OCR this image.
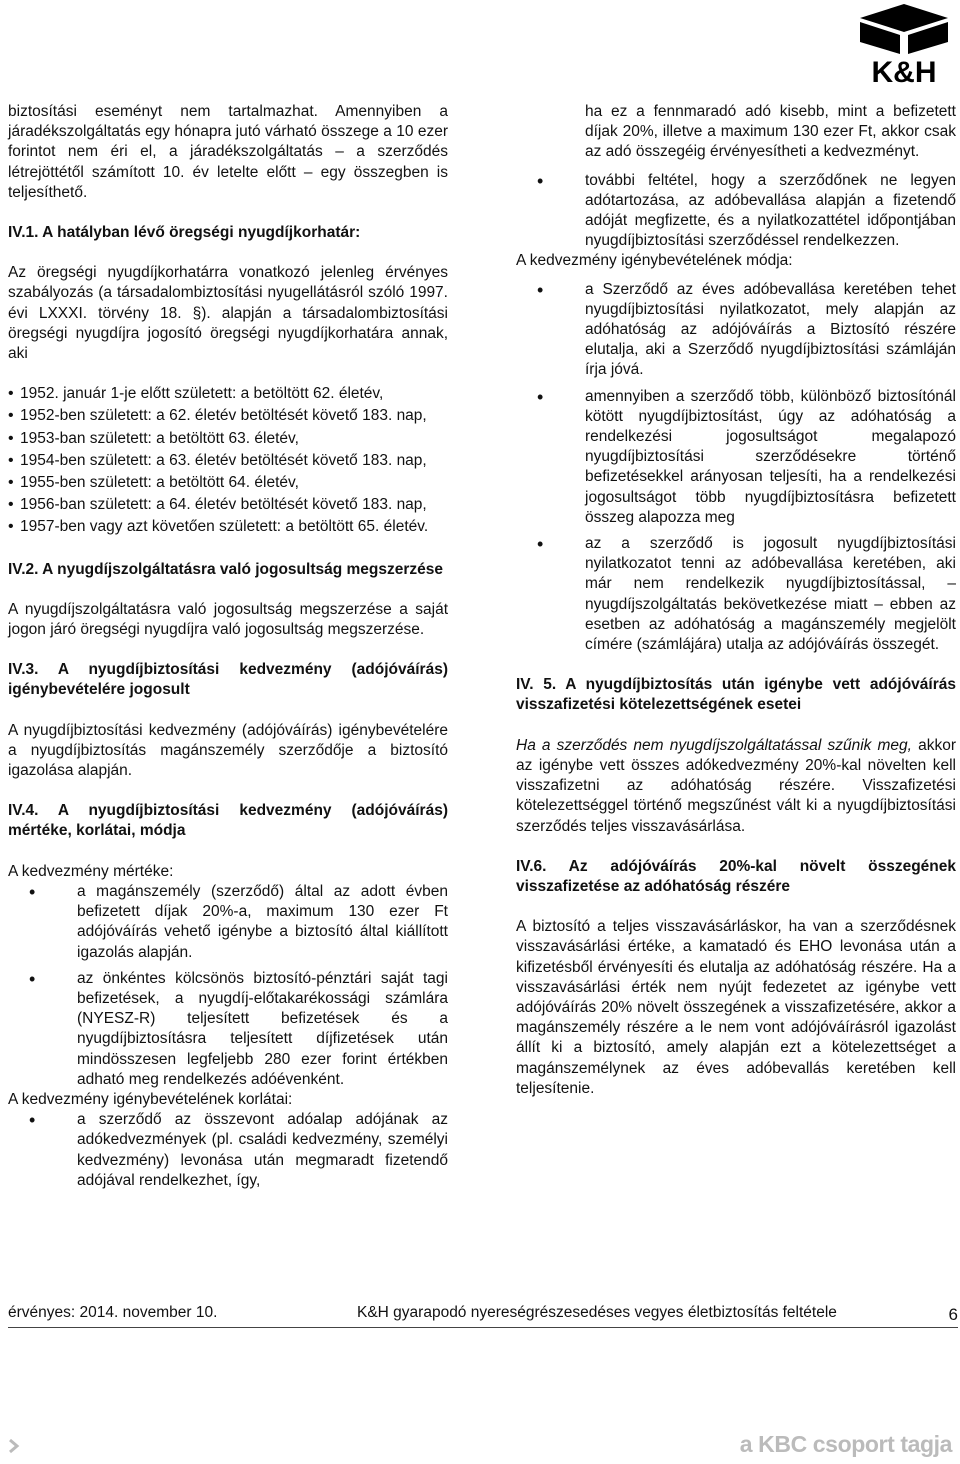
K&H

biztosítási eseményt nem tartalmazhat. Amennyiben a járadékszolgáltatás egy hónapra jutó várható összege a 10 ezer forintot nem éri el, a járadékszolgáltatás – a szerződés létrejöttétől számított 10. év letelte előtt – egy összegben is teljesíthető.

IV.1. A hatályban lévő öregségi nyugdíjkorhatár:

Az öregségi nyugdíjkorhatárra vonatkozó jelenleg érvényes szabályozás (a társadalombiztosítási nyugellátásról szóló 1997. évi LXXXI. törvény 18. §). alapján a társadalombiztosítási öregségi nyugdíjra jogosító öregségi nyugdíjkorhatára annak, aki

• 1952. január 1-je előtt született: a betöltött 62. életév,
• 1952-ben született: a 62. életév betöltését követő 183. nap,
• 1953-ban született: a betöltött 63. életév,
• 1954-ben született: a 63. életév betöltését követő 183. nap,
• 1955-ben született: a betöltött 64. életév,
• 1956-ban született: a 64. életév betöltését követő 183. nap,
• 1957-ben vagy azt követően született: a betöltött 65. életév.
IV.2. A nyugdíjszolgáltatásra való jogosultság megszerzése

A nyugdíjszolgáltatásra való jogosultság megszerzése a saját jogon járó öregségi nyugdíjra való jogosultság megszerzése.

IV.3. A nyugdíjbiztosítási kedvezmény (adójóváírás) igénybevételére jogosult

A nyugdíjbiztosítási kedvezmény (adójóváírás) igénybevételére a nyugdíjbiztosítás magánszemély szerződője a biztosító igazolása alapján.

IV.4. A nyugdíjbiztosítási kedvezmény (adójóváírás) mértéke, korlátai, módja

A kedvezmény mértéke:

• a magánszemély (szerződő) által az adott évben befizetett díjak 20%-a, maximum 130 ezer Ft adójóváírás vehető igénybe a biztosító által kiállított igazolás alapján.
• az önkéntes kölcsönös biztosító-pénztári saját tagi befizetések, a nyugdíj-előtakarékossági számlára (NYESZ-R) teljesített befizetések és a nyugdíjbiztosításra teljesített díjfizetések után mindösszesen legfeljebb 280 ezer forint értékben adható meg rendelkezés adóévenként.

A kedvezmény igénybevételének korlátai:

• a szerződő az összevont adóalap adójának az adókedvezmények (pl. családi kedvezmény, személyi kedvezmény) levonása után megmaradt fizetendő adójával rendelkezhet, így,

ha ez a fennmaradó adó kisebb, mint a befizetett díjak 20%, illetve a maximum 130 ezer Ft, akkor csak az adó összegéig érvényesítheti a kedvezményt.

• további feltétel, hogy a szerződőnek ne legyen adótartozása, az adóbevallása alapján a fizetendő adóját megfizette, és a nyilatkozattétel időpontjában nyugdíjbiztosítási szerződéssel rendelkezzen.

A kedvezmény igénybevételének módja:

• a Szerződő az éves adóbevallása keretében tehet nyugdíjbiztosítási nyilatkozatot, mely alapján az adóhatóság az adójóváírás a Biztosító részére elutalja, aki a Szerződő nyugdíjbiztosítási számláján írja jóvá.
• amennyiben a szerződő több, különböző biztosítónál kötött nyugdíjbiztosítást, úgy az adóhatóság a rendelkezési jogosultságot megalapozó nyugdíjbiztosítási szerződésekre történő befizetésekkel arányosan teljesíti, ha a rendelkezési jogosultságot több nyugdíjbiztosításra befizetett összeg alapozza meg
• az a szerződő is jogosult nyugdíjbiztosítási nyilatkozatot tenni az adóbevallása keretében, aki már nem rendelkezik nyugdíjbiztosítással, – nyugdíjszolgáltatás bekövetkezése miatt – ebben az esetben az adóhatóság a magánszemély megjelölt címére (számlájára) utalja az adójóváírás összegét.
IV. 5. A nyugdíjbiztosítás után igénybe vett adójóváírás visszafizetési kötelezettségének esetei

Ha a szerződés nem nyugdíjszolgáltatással szűnik meg, akkor az igénybe vett összes adókedvezmény 20%-kal növelten kell visszafizetni az adóhatóság részére. Visszafizetési kötelezettséggel történő megszűnést vált ki a nyugdíjbiztosítási szerződés teljes visszavásárlása.

IV.6. Az adójóváírás 20%-kal növelt összegének visszafizetése az adóhatóság részére

A biztosító a teljes visszavásárláskor, ha van a szerződésnek visszavásárlási értéke, a kamatadó és EHO levonása után a kifizetésből érvényesíti és elutalja az adóhatóság részére. Ha a visszavásárlási érték nem nyújt fedezetet az igénybe vett adójóváírás 20% növelt összegének a visszafizetésére, akkor a magánszemély részére a le nem vont adójóváírásról igazolást állít ki a biztosító, amely alapján ezt a kötelezettséget a magánszemélynek az éves adóbevallás keretében kell teljesítenie.

érvényes: 2014. november 10.	K&H gyarapodó nyereségrészesedéses vegyes életbiztosítás feltétele	6
a KBC csoport tagja
